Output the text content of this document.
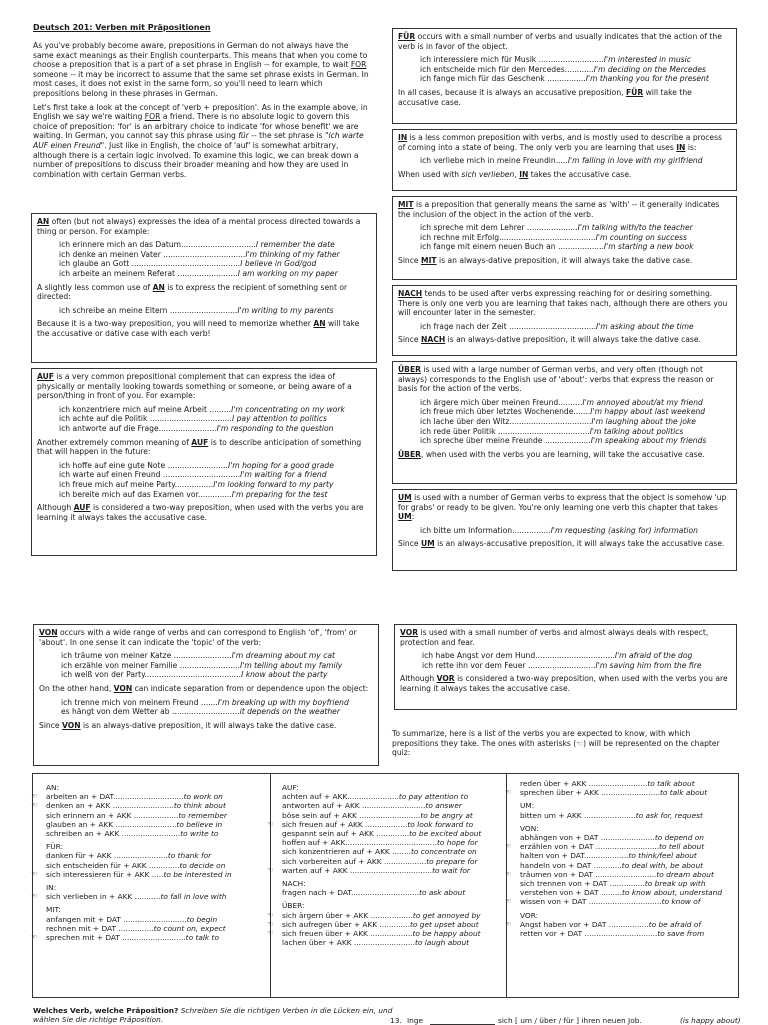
Deutsch 201: Verben mit Präpositionen

As you've probably become aware, prepositions in German do not always have the same exact meanings as their English counterparts. This means that when you come to choose a preposition that is a part of a set phrase in English -- for example, to wait FOR someone -- it may be incorrect to assume that the same set phrase exists in German. In most cases, it does not exist in the same form, so you'll need to learn which prepositions belong in these phrases in German.

Let's first take a look at the concept of 'verb + preposition'. As in the example above, in English we say we're waiting FOR a friend. There is no absolute logic to govern this choice of preposition: 'for' is an arbitrary choice to indicate 'for whose benefit' we are waiting. In German, you cannot say this phrase using für -- the set phrase is "ich warte AUF einen Freund". Just like in English, the choice of 'auf' is somewhat arbitrary, although there is a certain logic involved. To examine this logic, we can break down a number of prepositions to discuss their broader meaning and how they are used in combination with certain German verbs.

AN often (but not always) expresses the idea of a mental process directed towards a thing or person. For example:

ich erinnere mich an das Datum............................... I remember the date
ich denke an meinen Vater .................................. I'm thinking of my father
ich glaube an Gott ............................................. I believe in God/god
ich arbeite an meinem Referat ......................... I am working on my paper

A slightly less common use of AN is to express the recipient of something sent or directed:

ich schreibe an meine Eltern ............................ I'm writing to my parents

Because it is a two-way preposition, you will need to memorize whether AN will take the accusative or dative case with each verb!

AUF is a very common prepositional complement that can express the idea of physically or mentally looking towards something or someone, or being aware of a person/thing in front of you. For example:

ich konzentriere mich auf meine Arbeit ......... I'm concentrating on my work
ich achte auf die Politik .................................. I pay attention to politics
ich antworte auf die Frage........................ I'm responding to the question

Another extremely common meaning of AUF is to describe anticipation of something that will happen in the future:

ich hoffe auf eine gute Note ......................... I'm hoping for a good grade
ich warte auf einen Freund ................................ I'm waiting for a friend
ich freue mich auf meine Party................ I'm looking forward to my party
ich bereite mich auf das Examen vor.............. I'm preparing for the test

Although AUF is considered a two-way preposition, when used with the verbs you are learning it always takes the accusative case.

FÜR occurs with a small number of verbs and usually indicates that the action of the verb is in favor of the object.

ich interessiere mich für Musik ........................... I'm interested in music
ich entscheide mich für den Mercedes............ I'm deciding on the Mercedes
ich fange mich für das Geschenk ................ I'm thanking you for the present

In all cases, because it is always an accusative preposition, FÜR will take the accusative case.

IN is a less common preposition with verbs, and is mostly used to describe a process of coming into a state of being. The only verb you are learning that uses IN is:

ich verliebe mich in meine Freundin..... I'm falling in love with my girlfriend

When used with sich verlieben, IN takes the accusative case.

MIT is a preposition that generally means the same as 'with' -- it generally indicates the inclusion of the object in the action of the verb.

ich spreche mit dem Lehrer ..................... I'm talking with/to the teacher
ich rechne mit Erfolg........................................ I'm counting on success
ich fange mit einem neuen Buch an ................... I'm starting a new book

Since MIT is an always-dative preposition, it will always take the dative case.

NACH tends to be used after verbs expressing reaching for or desiring something. There is only one verb you are learning that takes nach, although there are others you will encounter later in the semester.

ich frage nach der Zeit .................................... I'm asking about the time

Since NACH is an always-dative preposition, it will always take the dative case.

ÜBER is used with a large number of German verbs, and very often (though not always) corresponds to the English use of 'about': verbs that express the reason or basis for the action of the verbs.

ich ärgere mich über meinen Freund.......... I'm annoyed about/at my friend
ich freue mich über letztes Wochenende....... I'm happy about last weekend
ich lache über den Witz.................................. I'm laughing about the joke
ich rede über Politik ...................................... I'm talking about politics
ich spreche über meine Freunde ................... I'm speaking about my friends

ÜBER, when used with the verbs you are learning, will take the accusative case.

UM is used with a number of German verbs to express that the object is somehow 'up for grabs' or ready to be given. You're only learning one verb this chapter that takes UM:

ich bitte um Information................ I'm requesting (asking for) information

Since UM is an always-accusative preposition, it will always take the accusative case.

VON occurs with a wide range of verbs and can correspond to English 'of', 'from' or 'about'. In one sense it can indicate the 'topic' of the verb:

ich träume von meiner Katze ........................ I'm dreaming about my cat
ich erzähle von meiner Familie ......................... I'm telling about my family
ich weiß von der Party........................................ I know about the party

On the other hand, VON can indicate separation from or dependence upon the object:

ich trenne mich von meinem Freund ....... I'm breaking up with my boyfriend
es hängt von dem Wetter ab ............................ it depends on the weather

Since VON is an always-dative preposition, it will always take the dative case.

VOR is used with a small number of verbs and almost always deals with respect, protection and fear.

ich habe Angst vor dem Hund................................. I'm afraid of the dog
ich rette ihn vor dem Feuer ............................ I'm saving him from the fire

Although VOR is considered a two-way preposition, when used with the verbs you are learning it always takes the accusative case.

To summarize, here is a list of the verbs you are expected to know, with which prepositions they take. The ones with asterisks (☜) will be represented on the chapter quiz:
AN:
☜ arbeiten an + DAT.............................. to work on
☜ denken an + AKK .......................... to think about
sich erinnern an + AKK ................... to remember
glauben an + AKK .......................... to believe in
schreiben an + AKK ......................... to write to
FÜR:
danken für + AKK ....................... to thank for
sich entscheiden für + AKK ............. to decide on
☜ sich interessieren für + AKK ..... to be interested in
IN:
☜ sich verlieben in + AKK ........... to fall in love with
MIT:
anfangen mit + DAT ........................... to begin
rechnen mit + DAT ............... to count on, expect
☜ sprechen mit + DAT ........................... to talk to
AUF:
achten auf + AKK...................... to pay attention to
antworten auf + AKK ........................... to answer
böse sein auf + AKK .......................... to be angry at
☜ sich freuen auf + AKK .................. to look forward to
gespannt sein auf + AKK .............. to be excited about
hoffen auf + AKK....................................... to hope for
sich konzentrieren auf + AKK ........ to concentrate on
sich vorbereiten auf + AKK .................. to prepare for
☜ warten auf + AKK ................................... to wait for
NACH:
fragen nach + DAT............................. to ask about
ÜBER:
☜ sich ärgern über + AKK .................. to get annoyed by
☜ sich aufregen über + AKK ............. to get upset about
☜ sich freuen über + AKK .................. to be happy about
lachen über + AKK .......................... to laugh about
reden über + AKK ......................... to talk about
☜ sprechen über + AKK ......................... to talk about
UM:
bitten um + AKK ...................... to ask for, request
VON:
abhängen von + DAT ....................... to depend on
☜ erzählen von + DAT ........................... to tell about
halten von + DAT................... to think/feel about
handeln von + DAT ............ to deal with, be about
☜ träumen von + DAT .......................... to dream about
sich trennen von + DAT ............... to break up with
verstehen von + DAT ......... to know about, understand
☜ wissen von + DAT ............................... to know of
VOR:
☜ Angst haben vor + DAT ................. to be afraid of
retten vor + DAT ............................... to save from
Welches Verb, welche Präposition? Schreiben Sie die richtigen Verben in die Lücken ein, und
wählen Sie die richtige Präposition.	13. Inge	sich [ um / über / für ] ihren neuen Job.	(is happy about)
